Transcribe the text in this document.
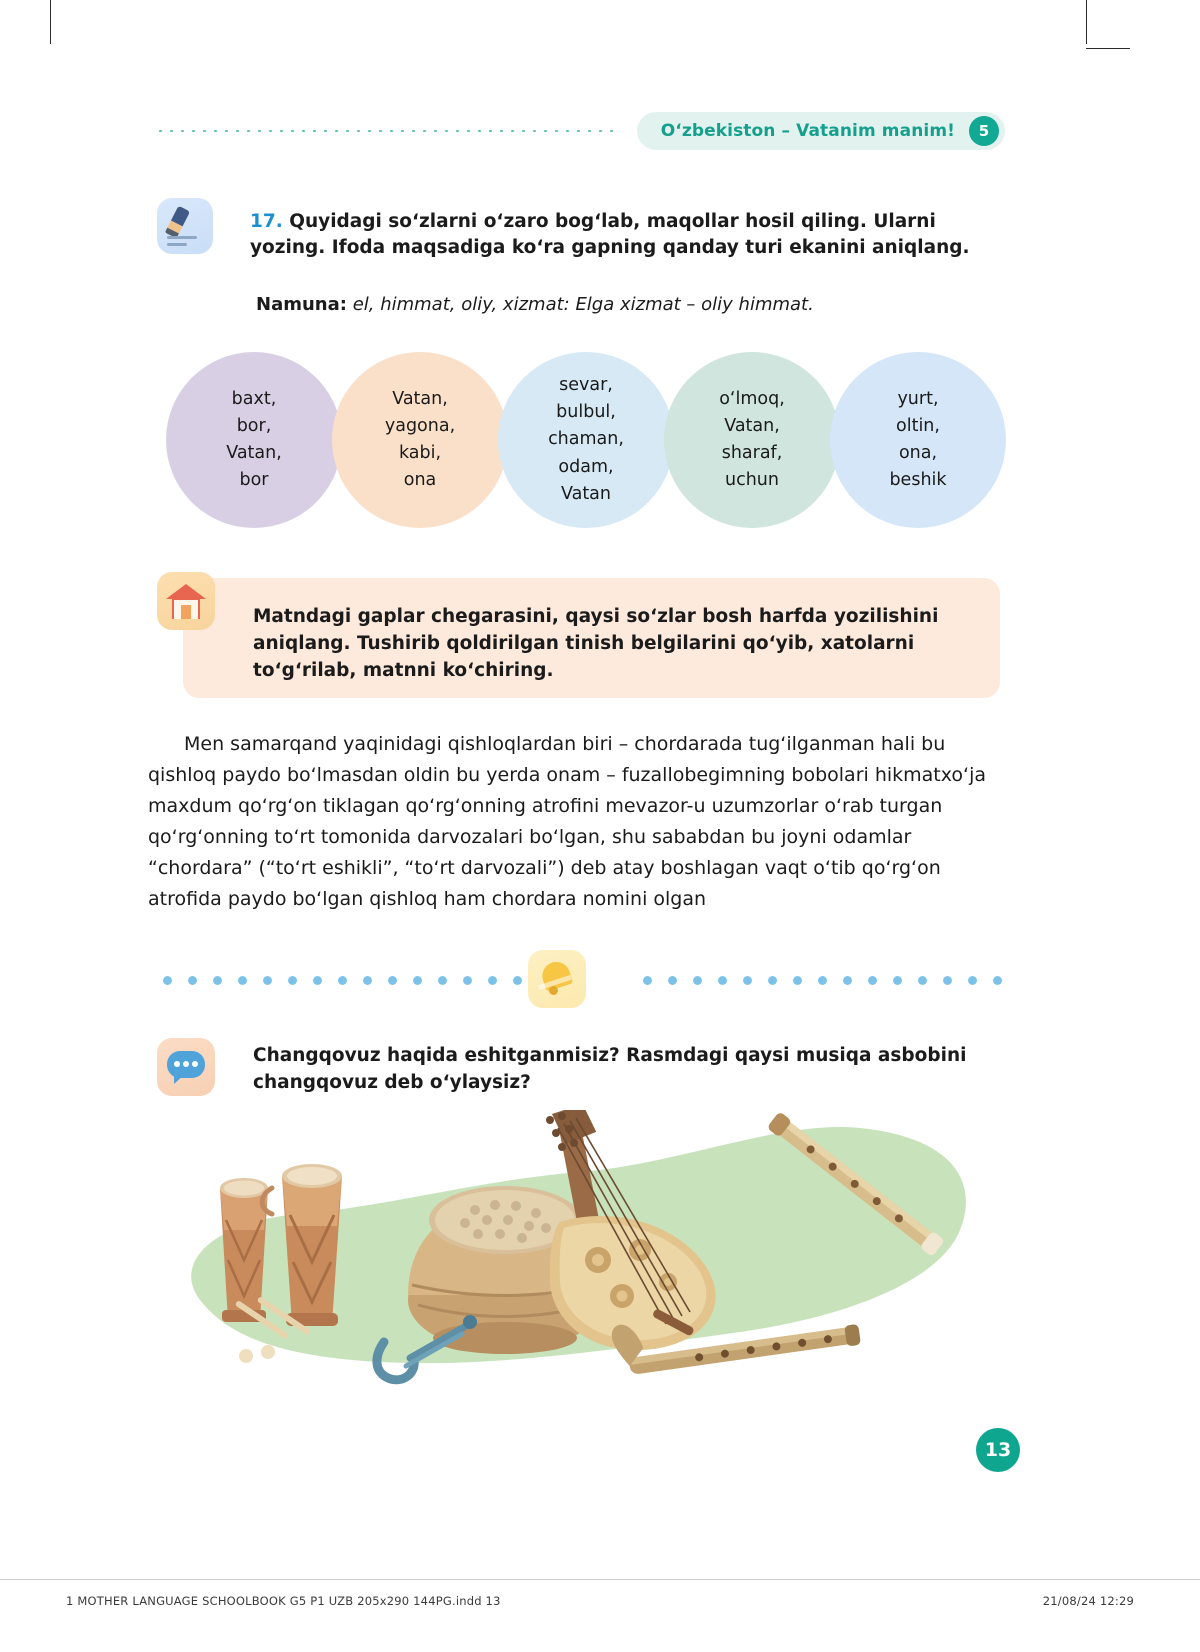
O‘zbekiston – Vatanim manim!	5
17. Quyidagi so‘zlarni o‘zaro bog‘lab, maqollar hosil qiling. Ularni yozing. Ifoda maqsadiga ko‘ra gapning qanday turi ekanini aniqlang.
Namuna: el, himmat, oliy, xizmat: Elga xizmat – oliy himmat.
baxt,
bor,
Vatan,
bor
Vatan,
yagona,
kabi,
ona
sevar,
bulbul,
chaman,
odam,
Vatan
o‘lmoq,
Vatan,
sharaf,
uchun
yurt,
oltin,
ona,
beshik
Matndagi gaplar chegarasini, qaysi so‘zlar bosh harfda yozilishini aniqlang. Tushirib qoldirilgan tinish belgilarini qo‘yib, xatolarni to‘g‘rilab, matnni ko‘chiring.
Men samarqand yaqinidagi qishloqlardan biri – chordarada tug‘ilganman hali bu qishloq paydo bo‘lmasdan oldin bu yerda onam – fuzallobegimning bobolari hikmatxo‘ja maxdum qo‘rg‘on tiklagan qo‘rg‘onning atrofini mevazor-u uzumzorlar o‘rab turgan qo‘rg‘onning to‘rt tomonida darvozalari bo‘lgan, shu sababdan bu joyni odamlar “chordara” (“to‘rt eshikli”, “to‘rt darvozali”) deb atay boshlagan vaqt o‘tib qo‘rg‘on atrofida paydo bo‘lgan qishloq ham chordara nomini olgan
Changqovuz haqida eshitganmisiz? Rasmdagi qaysi musiqa asbobini changqovuz deb o‘ylaysiz?
13
1 MOTHER LANGUAGE SCHOOLBOOK G5 P1 UZB 205x290 144PG.indd 13	21/08/24 12:29
